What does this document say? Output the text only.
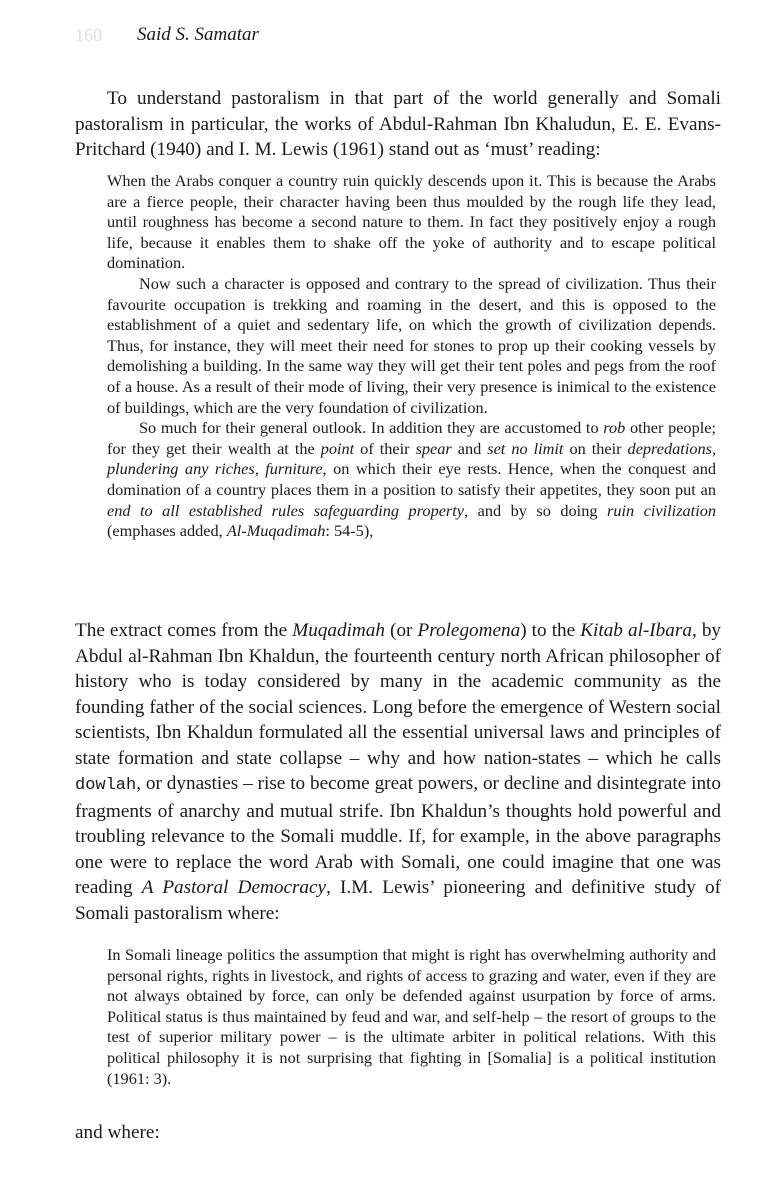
160 Said S. Samatar

To understand pastoralism in that part of the world generally and Somali pastoralism in particular, the works of Abdul-Rahman Ibn Khaludun, E. E. Evans-Pritchard (1940) and I. M. Lewis (1961) stand out as ‘must’ reading:

When the Arabs conquer a country ruin quickly descends upon it. This is because the Arabs are a fierce people, their character having been thus moulded by the rough life they lead, until roughness has become a second nature to them. In fact they positively enjoy a rough life, because it enables them to shake off the yoke of authority and to escape political domination.

Now such a character is opposed and contrary to the spread of civilization. Thus their favourite occupation is trekking and roaming in the desert, and this is opposed to the establishment of a quiet and sedentary life, on which the growth of civilization depends. Thus, for instance, they will meet their need for stones to prop up their cooking vessels by demolishing a building. In the same way they will get their tent poles and pegs from the roof of a house. As a result of their mode of living, their very presence is inimical to the existence of buildings, which are the very foundation of civilization.

So much for their general outlook. In addition they are accustomed to rob other people; for they get their wealth at the point of their spear and set no limit on their depredations, plundering any riches, furniture, on which their eye rests. Hence, when the conquest and domination of a country places them in a position to satisfy their appetites, they soon put an end to all established rules safeguarding property, and by so doing ruin civilization (emphases added, Al-Muqadimah: 54-5),

The extract comes from the Muqadimah (or Prolegomena) to the Kitab al-Ibara, by Abdul al-Rahman Ibn Khaldun, the fourteenth century north African philosopher of history who is today considered by many in the academic community as the founding father of the social sciences. Long before the emergence of Western social scientists, Ibn Khaldun formulated all the essential universal laws and principles of state formation and state collapse – why and how nation-states – which he calls dowlah, or dynasties – rise to become great powers, or decline and disintegrate into fragments of anarchy and mutual strife. Ibn Khaldun’s thoughts hold powerful and troubling relevance to the Somali muddle. If, for example, in the above paragraphs one were to replace the word Arab with Somali, one could imagine that one was reading A Pastoral Democracy, I.M. Lewis’ pioneering and definitive study of Somali pastoralism where:

In Somali lineage politics the assumption that might is right has overwhelming authority and personal rights, rights in livestock, and rights of access to grazing and water, even if they are not always obtained by force, can only be defended against usurpation by force of arms. Political status is thus maintained by feud and war, and self-help – the resort of groups to the test of superior military power – is the ultimate arbiter in political relations. With this political philosophy it is not surprising that fighting in [Somalia] is a political institution (1961: 3).

and where:
